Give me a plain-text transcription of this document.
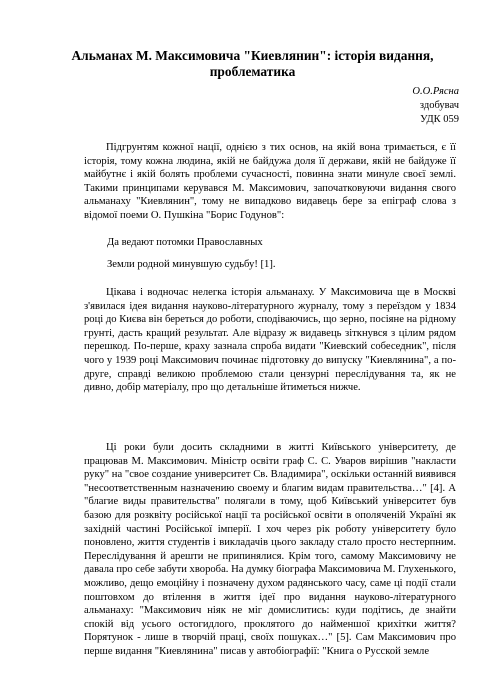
Альманах М. Максимовича "Киевлянин": історія видання, проблематика
О.О.Рясна
здобувач
УДК 059

Підгрунтям кожної нації, однією з тих основ, на якій вона тримається, є її історія, тому кожна людина, якій не байдужа доля її держави, якій не байдуже її майбутнє і якій болять проблеми сучасності, повинна знати минуле своєї землі. Такими принципами керувався М. Максимович, започатковуючи видання свого альманаху "Киевлянин", тому не випадково видавець бере за епіграф слова з відомої поеми О. Пушкіна "Борис Годунов":

Да ведают потомки Православных

Земли родной минувшую судьбу! [1].

Цікава і водночас нелегка історія альманаху. У Максимовича ще в Москві з'явилася ідея видання науково-літературного журналу, тому з переїздом у 1834 році до Києва він береться до роботи, сподіваючись, що зерно, посіяне на рідному грунті, дасть кращий результат. Але відразу ж видавець зіткнувся з цілим рядом перешкод. По-перше, краху зазнала спроба видати "Киевский собеседник", після чого у 1939 році Максимович починає підготовку до випуску "Киевлянина", а по-друге, справді великою проблемою стали цензурні переслідування та, як не дивно, добір матеріалу, про що детальніше йтиметься нижче.

Ці роки були досить складними в житті Київського університету, де працював М. Максимович. Міністр освіти граф С. С. Уваров вирішив "накласти руку" на "свое создание университет Св. Владимира", оскільки останній виявився "несоответственным назначению своему и благим видам правительства…" [4]. А "благие виды правительства" полягали в тому, щоб Київський університет був базою для розквіту російської нації та російської освіти в ополяченій Україні як західній частині Російської імперії. І хоч через рік роботу університету було поновлено, життя студентів і викладачів цього закладу стало просто нестерпним. Переслідування й арешти не припинялися. Крім того, самому Максимовичу не давала про себе забути хвороба. На думку біографа Максимовича М. Глухенького, можливо, дещо емоційну і позначену духом радянського часу, саме ці події стали поштовхом до втілення в життя ідеї про видання науково-літературного альманаху: "Максимович ніяк не міг домислитись: куди подітись, де знайти спокій від усього остогидлого, проклятого до найменшої крихітки життя? Порятунок - лише в творчій праці, своїх пошуках…" [5]. Сам Максимович про перше видання "Киевлянина" писав у автобіографії: "Книга о Русской земле
